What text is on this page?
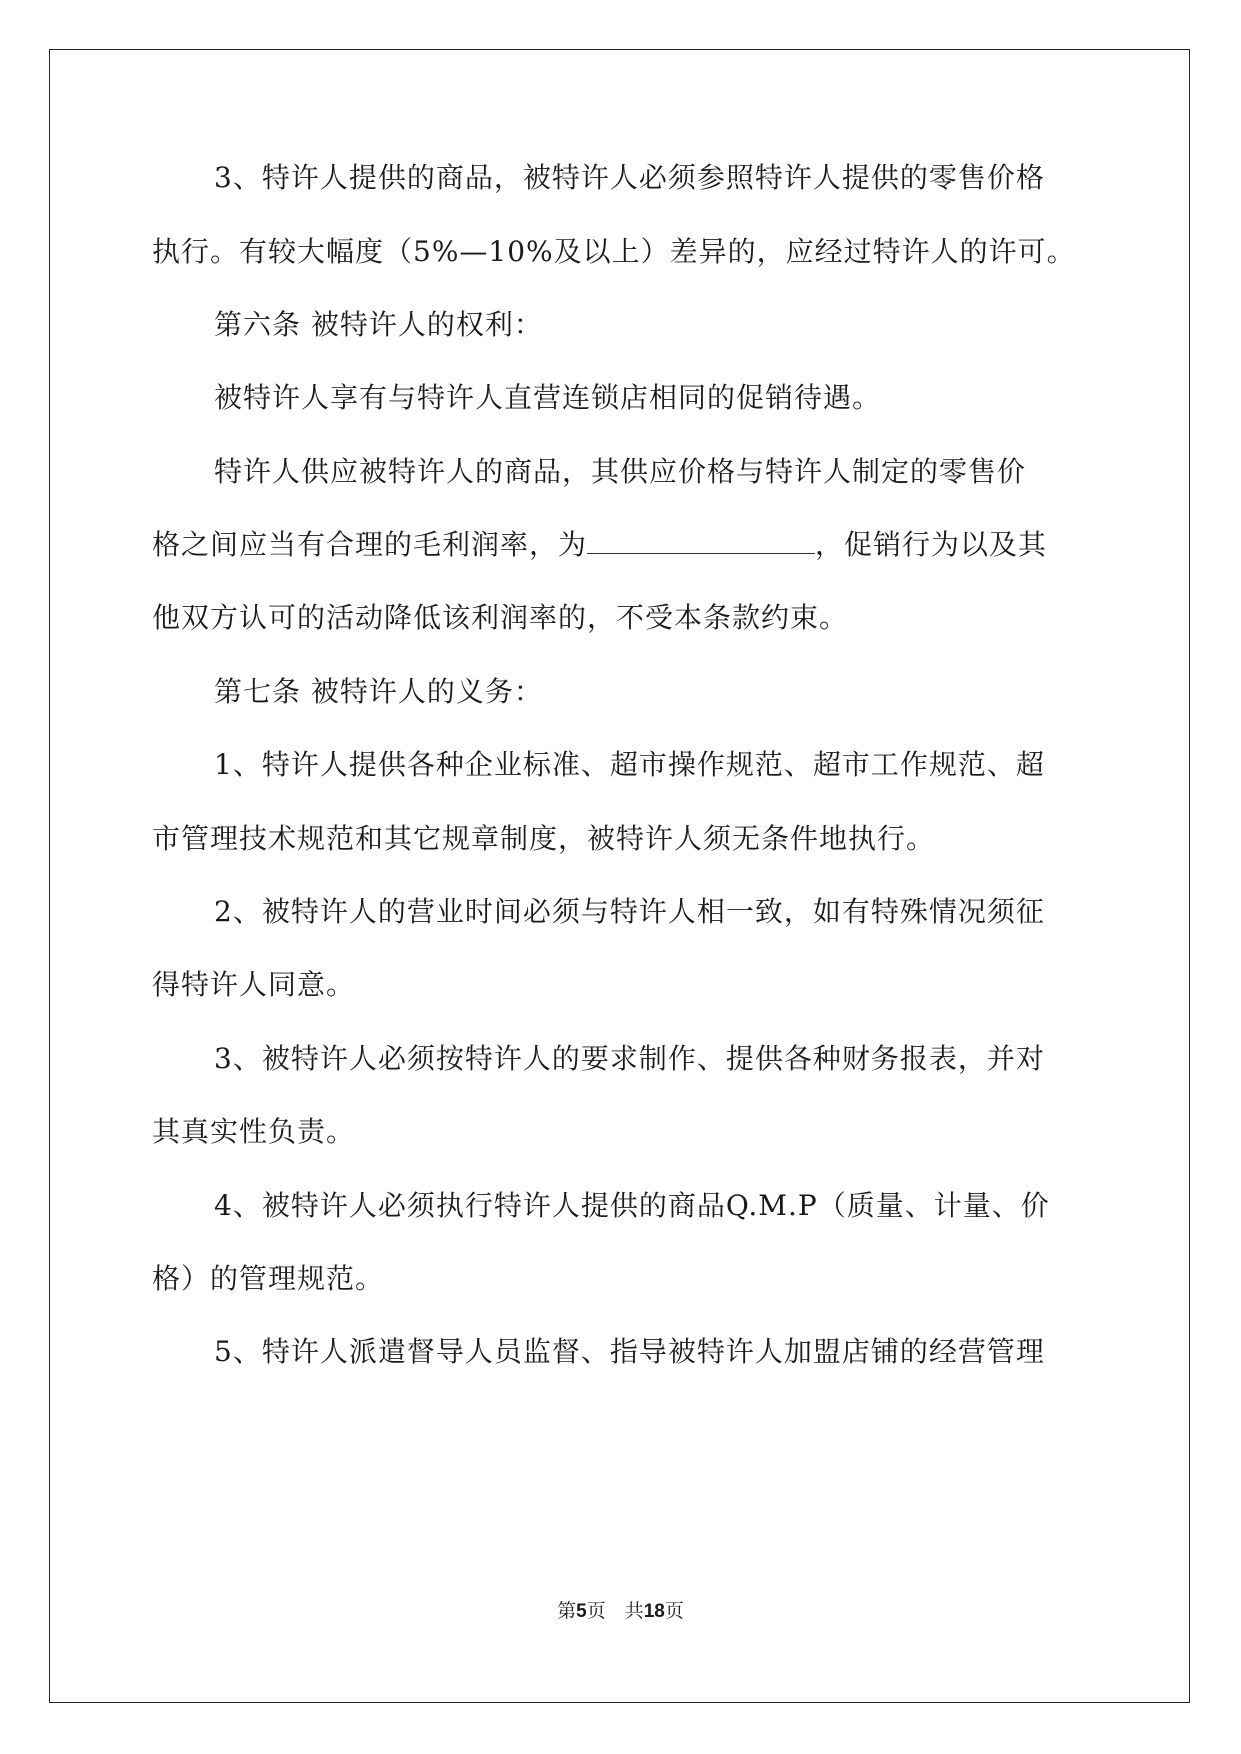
3、特许人提供的商品，被特许人必须参照特许人提供的零售价格
执行。有较大幅度（5%—10%及以上）差异的，应经过特许人的许可。
第六条 被特许人的权利：
被特许人享有与特许人直营连锁店相同的促销待遇。
特许人供应被特许人的商品，其供应价格与特许人制定的零售价
格之间应当有合理的毛利润率，为	，促销行为以及其
他双方认可的活动降低该利润率的，不受本条款约束。
第七条 被特许人的义务：
1、特许人提供各种企业标准、超市操作规范、超市工作规范、超
市管理技术规范和其它规章制度，被特许人须无条件地执行。
2、被特许人的营业时间必须与特许人相一致，如有特殊情况须征
得特许人同意。
3、被特许人必须按特许人的要求制作、提供各种财务报表，并对
其真实性负责。
4、被特许人必须执行特许人提供的商品Q.M.P（质量、计量、价
格）的管理规范。
5、特许人派遣督导人员监督、指导被特许人加盟店铺的经营管理
第5页　共18页
